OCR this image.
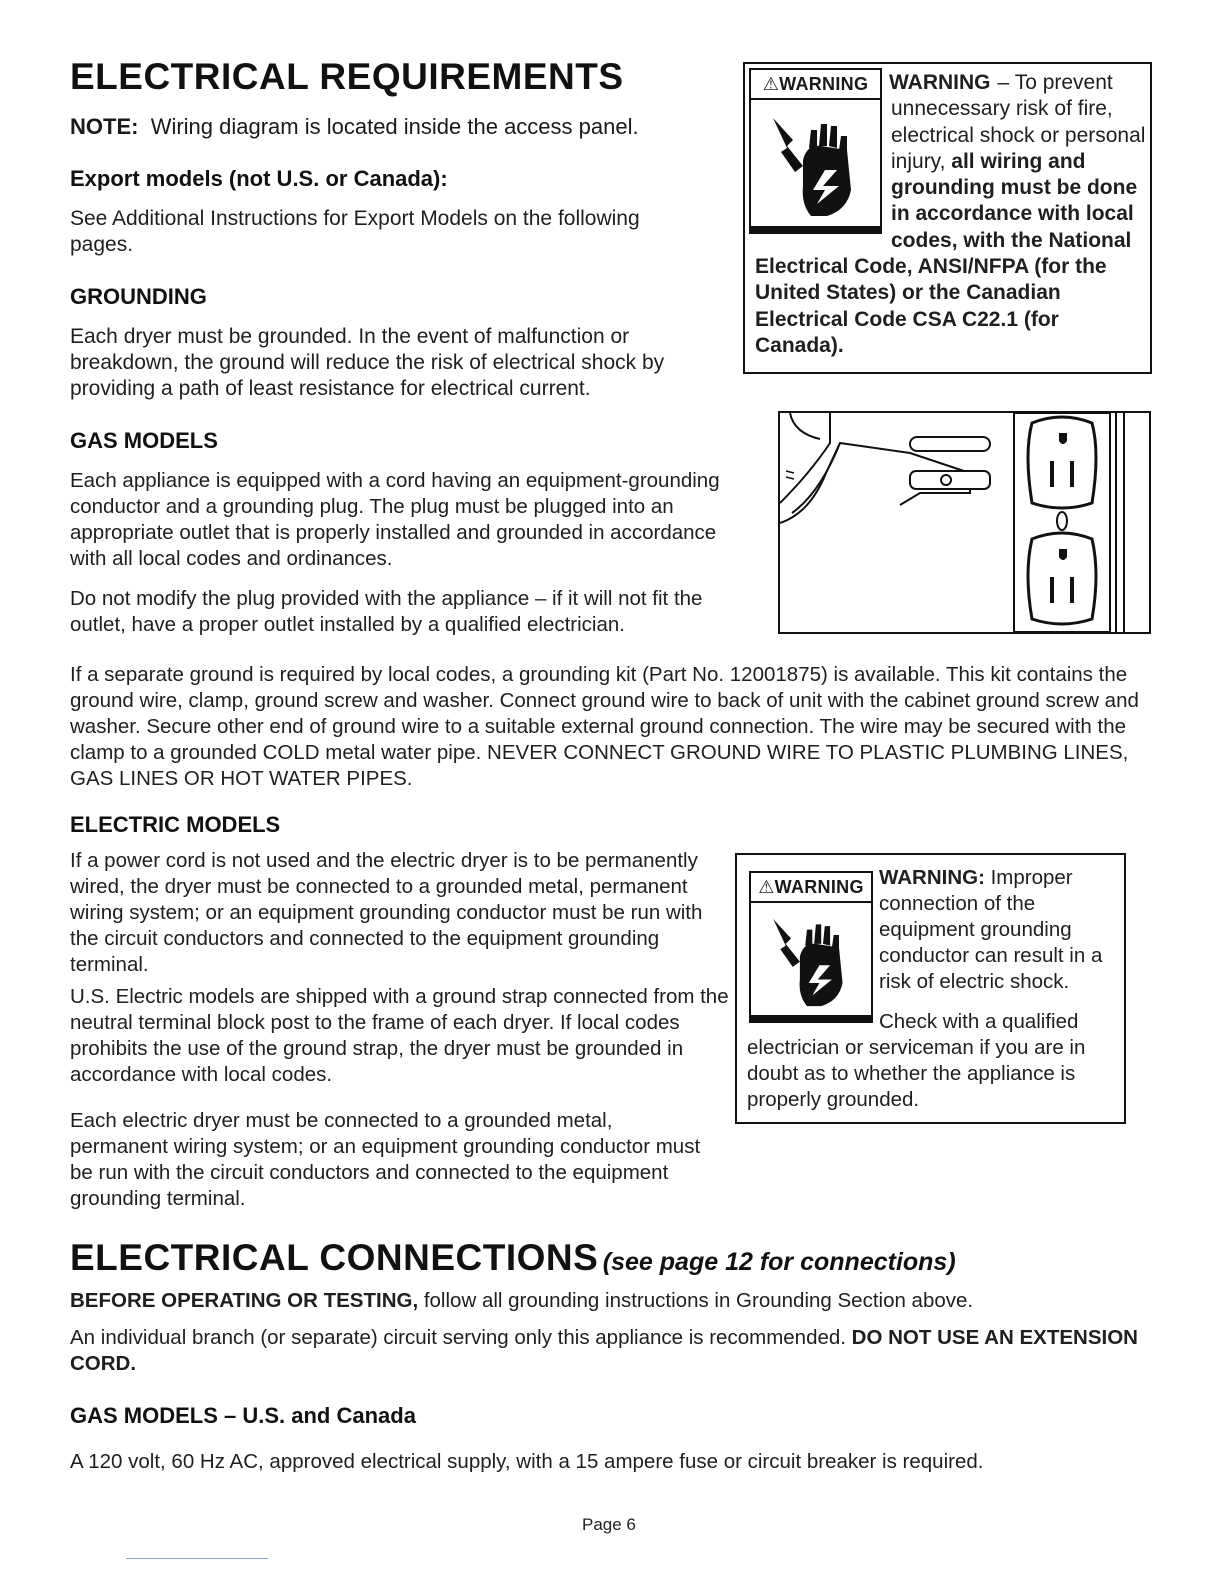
ELECTRICAL REQUIREMENTS
NOTE: Wiring diagram is located inside the access panel.
Export models (not U.S. or Canada):
See Additional Instructions for Export Models on the following pages.
GROUNDING
Each dryer must be grounded. In the event of malfunction or breakdown, the ground will reduce the risk of electrical shock by providing a path of least resistance for electrical current.
⚠WARNING WARNING – To prevent unnecessary risk of fire, electrical shock or personal injury, all wiring and grounding must be done in accordance with local codes, with the National Electrical Code, ANSI/NFPA (for the United States) or the Canadian Electrical Code CSA C22.1 (for Canada).
GAS MODELS
Each appliance is equipped with a cord having an equipment-grounding conductor and a grounding plug. The plug must be plugged into an appropriate outlet that is properly installed and grounded in accordance with all local codes and ordinances.
Do not modify the plug provided with the appliance – if it will not fit the outlet, have a proper outlet installed by a qualified electrician.
If a separate ground is required by local codes, a grounding kit (Part No. 12001875) is available. This kit contains the ground wire, clamp, ground screw and washer. Connect ground wire to back of unit with the cabinet ground screw and washer. Secure other end of ground wire to a suitable external ground connection. The wire may be secured with the clamp to a grounded COLD metal water pipe. NEVER CONNECT GROUND WIRE TO PLASTIC PLUMBING LINES, GAS LINES OR HOT WATER PIPES.
ELECTRIC MODELS
If a power cord is not used and the electric dryer is to be permanently wired, the dryer must be connected to a grounded metal, permanent wiring system; or an equipment grounding conductor must be run with the circuit conductors and connected to the equipment grounding terminal.
U.S. Electric models are shipped with a ground strap connected from the neutral terminal block post to the frame of each dryer. If local codes prohibits the use of the ground strap, the dryer must be grounded in accordance with local codes.
Each electric dryer must be connected to a grounded metal, permanent wiring system; or an equipment grounding conductor must be run with the circuit conductors and connected to the equipment grounding terminal.
⚠WARNING WARNING: Improper connection of the equipment grounding conductor can result in a risk of electric shock.
Check with a qualified electrician or serviceman if you are in doubt as to whether the appliance is properly grounded.
ELECTRICAL CONNECTIONS (see page 12 for connections)
BEFORE OPERATING OR TESTING, follow all grounding instructions in Grounding Section above.
An individual branch (or separate) circuit serving only this appliance is recommended. DO NOT USE AN EXTENSION CORD.
GAS MODELS – U.S. and Canada
A 120 volt, 60 Hz AC, approved electrical supply, with a 15 ampere fuse or circuit breaker is required.
Page 6
